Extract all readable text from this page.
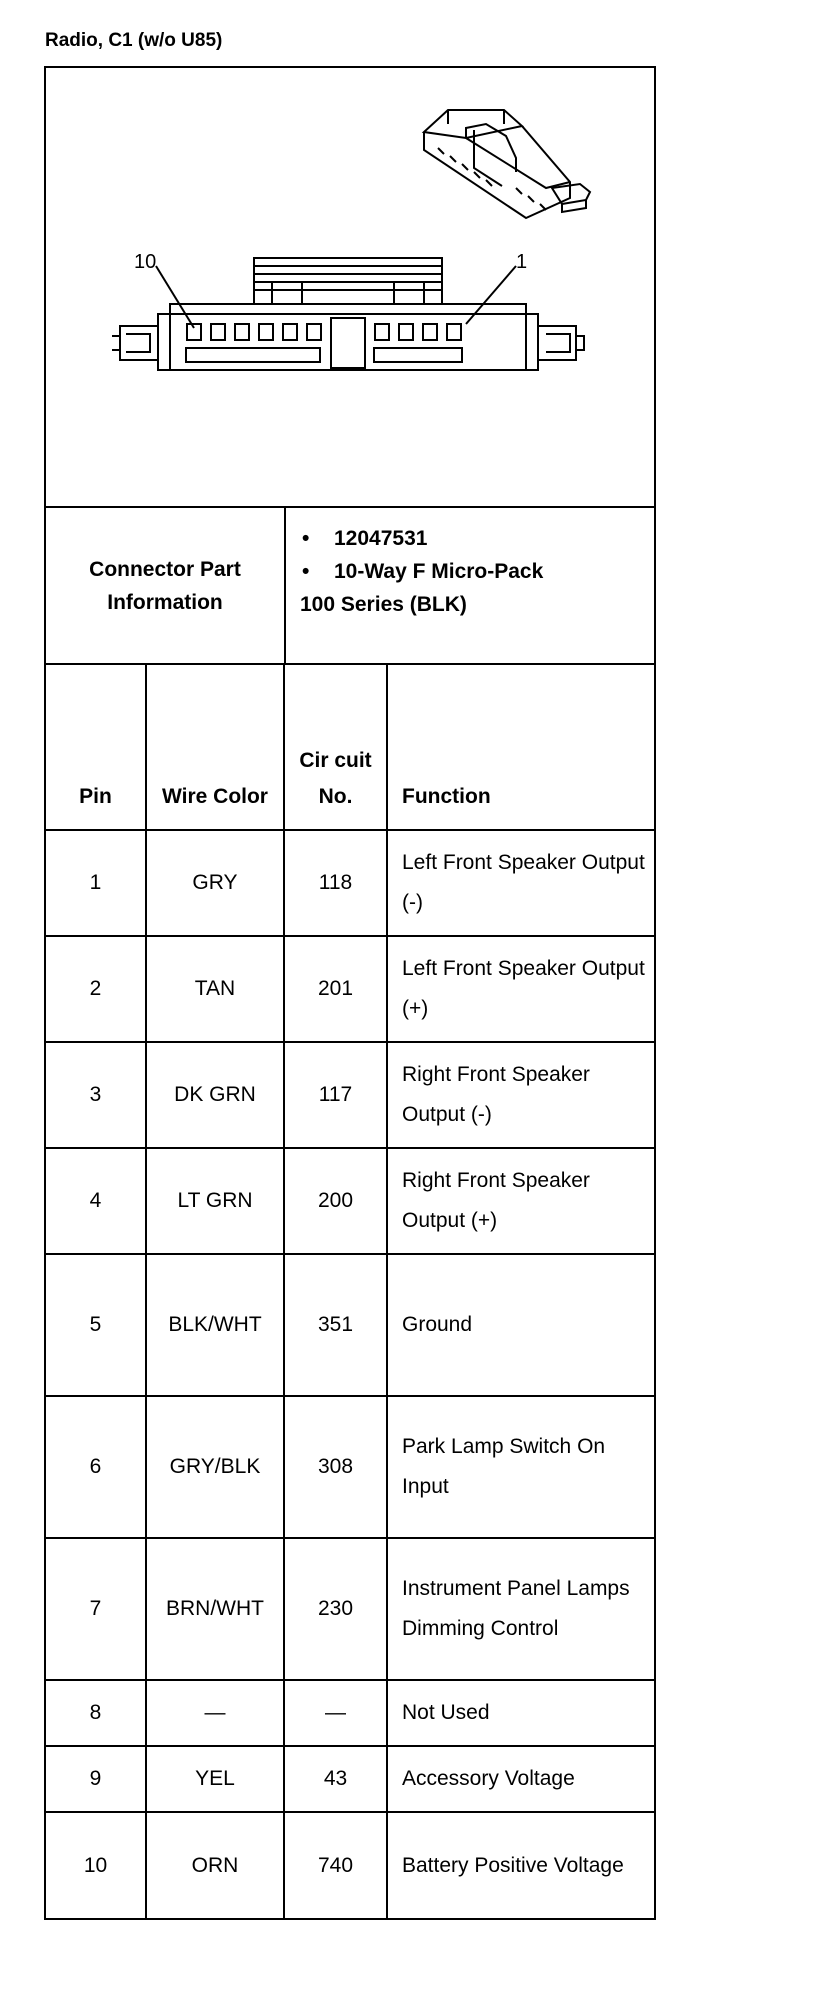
Radio, C1 (w/o U85)
10	1
Connector Part
Information
• 12047531
• 10-Way F Micro-Pack
100 Series (BLK)
Pin	Wire Color	Cir cuit No.	Function
1	GRY	118	Left Front Speaker Output (-)
2	TAN	201	Left Front Speaker Output (+)
3	DK GRN	117	Right Front Speaker Output (-)
4	LT GRN	200	Right Front Speaker Output (+)
5	BLK/WHT	351	Ground
6	GRY/BLK	308	Park Lamp Switch On Input
7	BRN/WHT	230	Instrument Panel Lamps Dimming Control
8	—	—	Not Used
9	YEL	43	Accessory Voltage
10	ORN	740	Battery Positive Voltage
